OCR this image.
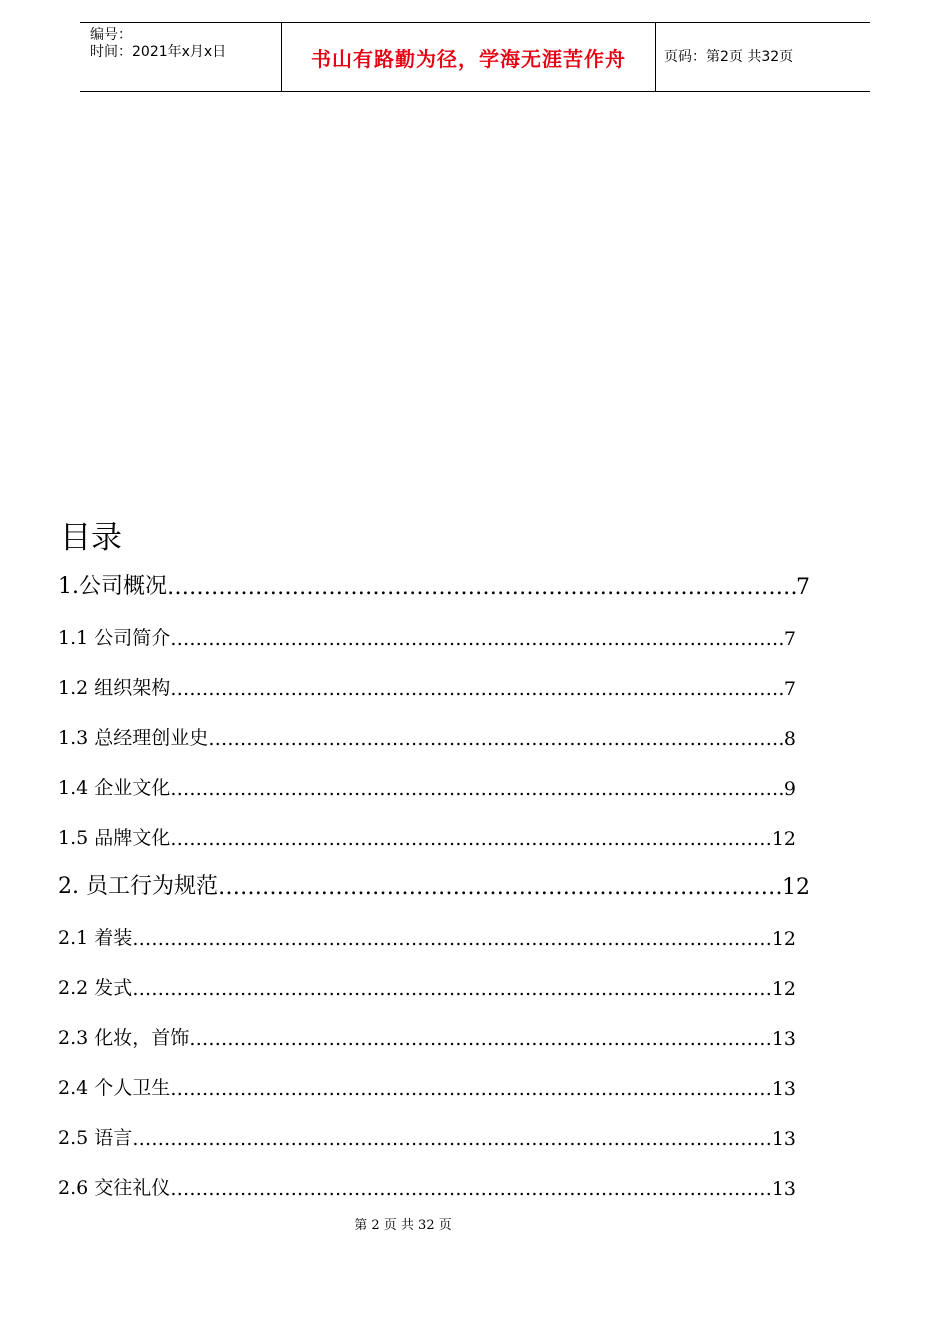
编号：
时间：2021年x月x日	书山有路勤为径，学海无涯苦作舟	页码：第2页 共32页
目录
1.公司概况 ……………………………………………………………………………………………………………………………………………………………	7
1.1 公司简介 ……………………………………………………………………………………………………………………………………………………………	7
1.2 组织架构 ……………………………………………………………………………………………………………………………………………………………	7
1.3 总经理创业史 ……………………………………………………………………………………………………………………………………………………………	8
1.4 企业文化 ……………………………………………………………………………………………………………………………………………………………	9
1.5 品牌文化 ……………………………………………………………………………………………………………………………………………………………	12
2. 员工行为规范 ……………………………………………………………………………………………………………………………………………………………	12
2.1 着装 ……………………………………………………………………………………………………………………………………………………………	12
2.2 发式 ……………………………………………………………………………………………………………………………………………………………	12
2.3 化妆，首饰 ……………………………………………………………………………………………………………………………………………………………	13
2.4 个人卫生 ……………………………………………………………………………………………………………………………………………………………	13
2.5 语言 ……………………………………………………………………………………………………………………………………………………………	13
2.6 交往礼仪 ……………………………………………………………………………………………………………………………………………………………	13
第 2 页 共 32 页
